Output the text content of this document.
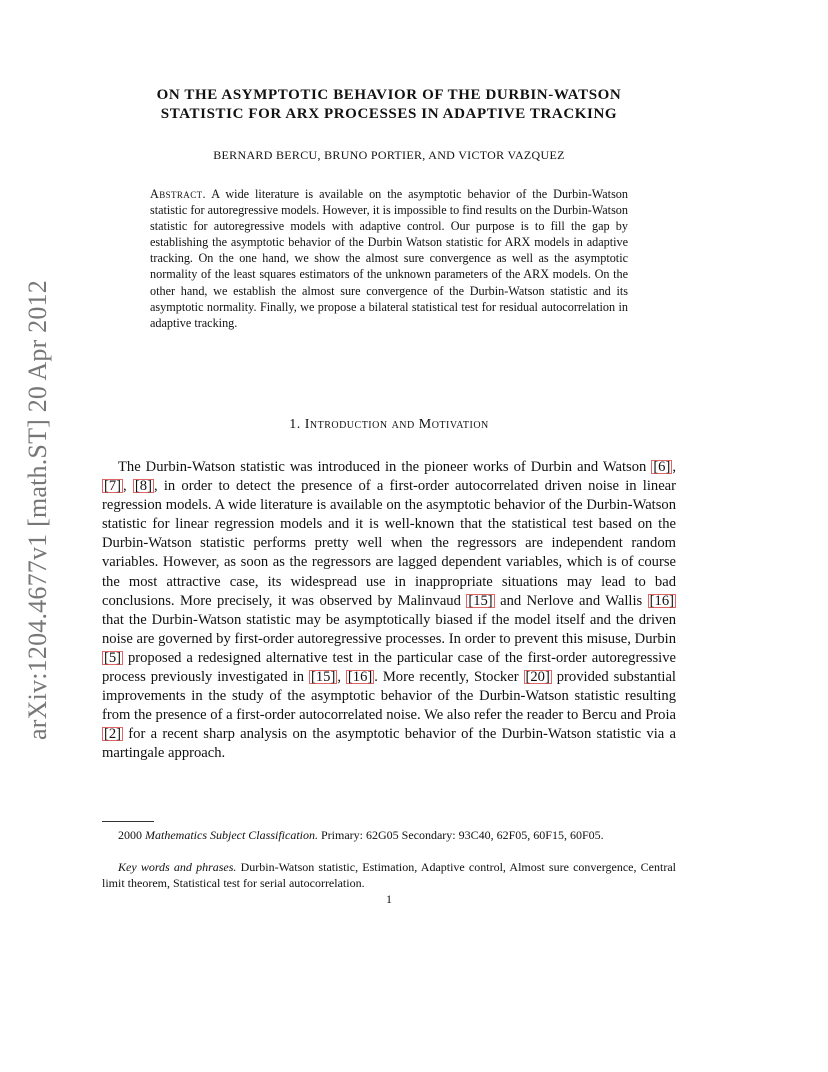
arXiv:1204.4677v1 [math.ST] 20 Apr 2012
ON THE ASYMPTOTIC BEHAVIOR OF THE DURBIN-WATSON
STATISTIC FOR ARX PROCESSES IN ADAPTIVE TRACKING
BERNARD BERCU, BRUNO PORTIER, AND VICTOR VAZQUEZ
Abstract. A wide literature is available on the asymptotic behavior of the Durbin-Watson statistic for autoregressive models. However, it is impossible to find results on the Durbin-Watson statistic for autoregressive models with adaptive control. Our purpose is to fill the gap by establishing the asymptotic behavior of the Durbin Watson statistic for ARX models in adaptive tracking. On the one hand, we show the almost sure convergence as well as the asymptotic normality of the least squares estimators of the unknown parameters of the ARX models. On the other hand, we establish the almost sure convergence of the Durbin-Watson statistic and its asymptotic normality. Finally, we propose a bilateral statistical test for residual autocorrelation in adaptive tracking.
1. Introduction and Motivation
The Durbin-Watson statistic was introduced in the pioneer works of Durbin and Watson [6] , [7] , [8] , in order to detect the presence of a first-order autocorrelated driven noise in linear regression models. A wide literature is available on the asymptotic behavior of the Durbin-Watson statistic for linear regression models and it is well-known that the statistical test based on the Durbin-Watson statistic performs pretty well when the regressors are independent random variables. However, as soon as the regressors are lagged dependent variables, which is of course the most attractive case, its widespread use in inappropriate situations may lead to bad conclusions. More precisely, it was observed by Malinvaud [15] and Nerlove and Wallis [16] that the Durbin-Watson statistic may be asymptotically biased if the model itself and the driven noise are governed by first-order autoregressive processes. In order to prevent this misuse, Durbin [5] proposed a redesigned alternative test in the particular case of the first-order autoregressive process previously investigated in [15] , [16] . More recently, Stocker [20] provided substantial improvements in the study of the asymptotic behavior of the Durbin-Watson statistic resulting from the presence of a first-order autocorrelated noise. We also refer the reader to Bercu and Proia [2] for a recent sharp analysis on the asymptotic behavior of the Durbin-Watson statistic via a martingale approach.
2000 Mathematics Subject Classification. Primary: 62G05 Secondary: 93C40, 62F05, 60F15, 60F05.
Key words and phrases. Durbin-Watson statistic, Estimation, Adaptive control, Almost sure convergence, Central limit theorem, Statistical test for serial autocorrelation.
1
